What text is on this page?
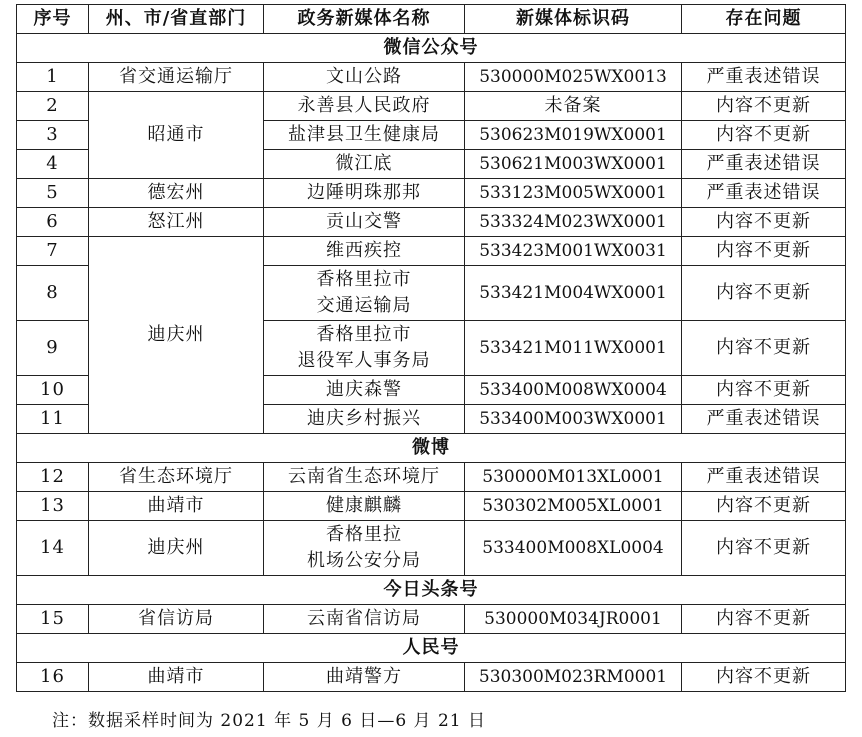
序号	州、市/省直部门	政务新媒体名称	新媒体标识码	存在问题
微信公众号				
1	省交通运输厅	文山公路	530000M025WX0013	严重表述错误
2	昭通市	永善县人民政府	未备案	内容不更新
3		盐津县卫生健康局	530623M019WX0001	内容不更新
4		微江底	530621M003WX0001	严重表述错误
5	德宏州	边陲明珠那邦	533123M005WX0001	严重表述错误
6	怒江州	贡山交警	533324M023WX0001	内容不更新
7	迪庆州	维西疾控	533423M001WX0031	内容不更新
8		香格里拉市
交通运输局	533421M004WX0001	内容不更新
9		香格里拉市
退役军人事务局	533421M011WX0001	内容不更新
10		迪庆森警	533400M008WX0004	内容不更新
11		迪庆乡村振兴	533400M003WX0001	严重表述错误
微博				
12	省生态环境厅	云南省生态环境厅	530000M013XL0001	严重表述错误
13	曲靖市	健康麒麟	530302M005XL0001	内容不更新
14	迪庆州	香格里拉
机场公安分局	533400M008XL0004	内容不更新
今日头条号				
15	省信访局	云南省信访局	530000M034JR0001	内容不更新
人民号				
16	曲靖市	曲靖警方	530300M023RM0001	内容不更新
注：数据采样时间为 2021 年 5 月 6 日—6 月 21 日
